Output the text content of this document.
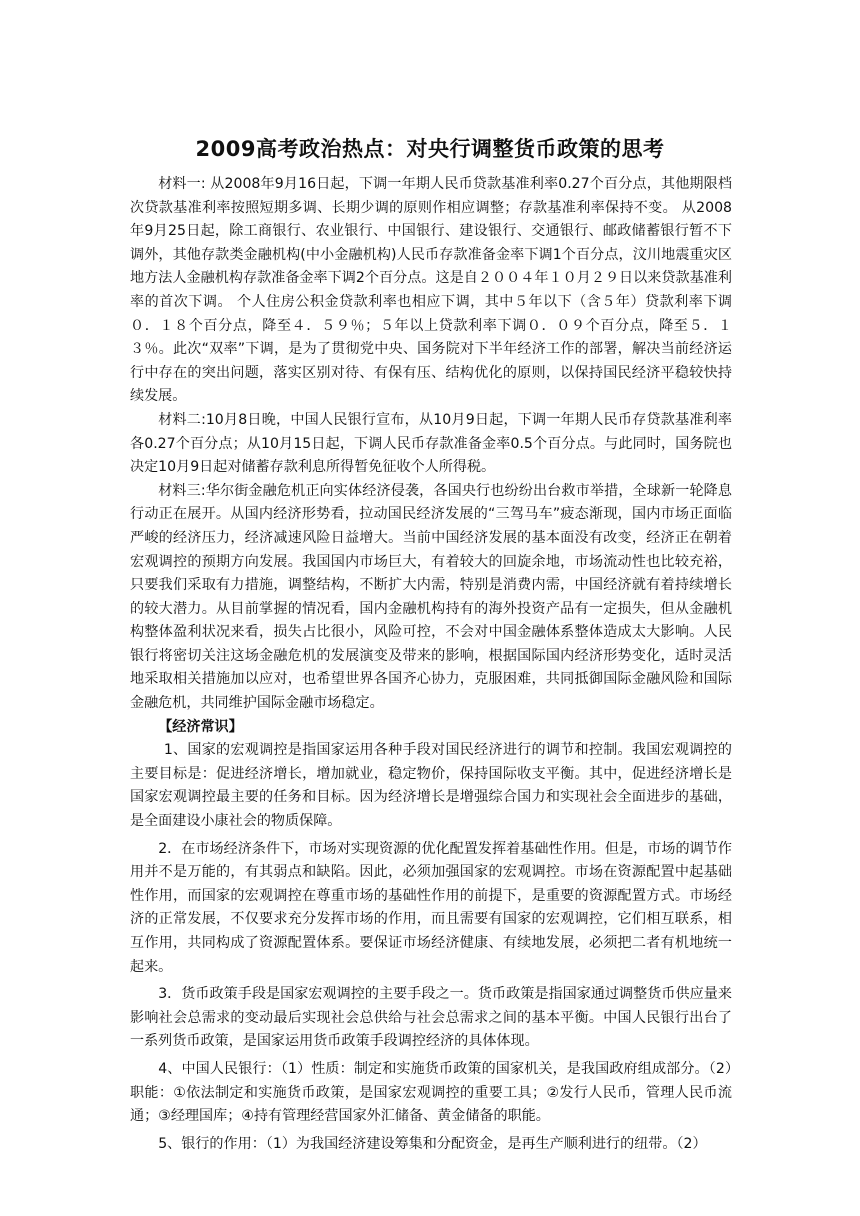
2009高考政治热点：对央行调整货币政策的思考

材料一: 从2008年9月16日起，下调一年期人民币贷款基准利率0.27个百分点，其他期限档次贷款基准利率按照短期多调、长期少调的原则作相应调整；存款基准利率保持不变。 从2008年9月25日起，除工商银行、农业银行、中国银行、建设银行、交通银行、邮政储蓄银行暂不下调外，其他存款类金融机构(中小金融机构)人民币存款准备金率下调1个百分点，汶川地震重灾区地方法人金融机构存款准备金率下调2个百分点。这是自２００４年１０月２９日以来贷款基准利率的首次下调。 个人住房公积金贷款利率也相应下调，其中５年以下（含５年）贷款利率下调０．１８个百分点，降至４．５９％；５年以上贷款利率下调０．０９个百分点，降至５．１３％。此次“双率”下调，是为了贯彻党中央、国务院对下半年经济工作的部署，解决当前经济运行中存在的突出问题，落实区别对待、有保有压、结构优化的原则，以保持国民经济平稳较快持续发展。

材料二:10月8日晚，中国人民银行宣布，从10月9日起，下调一年期人民币存贷款基准利率各0.27个百分点；从10月15日起，下调人民币存款准备金率0.5个百分点。与此同时，国务院也决定10月9日起对储蓄存款利息所得暂免征收个人所得税。

材料三:华尔街金融危机正向实体经济侵袭，各国央行也纷纷出台救市举措，全球新一轮降息行动正在展开。从国内经济形势看，拉动国民经济发展的“三驾马车”疲态渐现，国内市场正面临严峻的经济压力，经济减速风险日益增大。当前中国经济发展的基本面没有改变，经济正在朝着宏观调控的预期方向发展。我国国内市场巨大，有着较大的回旋余地，市场流动性也比较充裕，只要我们采取有力措施，调整结构，不断扩大内需，特别是消费内需，中国经济就有着持续增长的较大潜力。从目前掌握的情况看，国内金融机构持有的海外投资产品有一定损失，但从金融机构整体盈利状况来看，损失占比很小，风险可控，不会对中国金融体系整体造成太大影响。人民银行将密切关注这场金融危机的发展演变及带来的影响，根据国际国内经济形势变化，适时灵活地采取相关措施加以应对，也希望世界各国齐心协力，克服困难，共同抵御国际金融风险和国际金融危机，共同维护国际金融市场稳定。

【经济常识】

1、国家的宏观调控是指国家运用各种手段对国民经济进行的调节和控制。我国宏观调控的主要目标是：促进经济增长，增加就业，稳定物价，保持国际收支平衡。其中，促进经济增长是国家宏观调控最主要的任务和目标。因为经济增长是增强综合国力和实现社会全面进步的基础，是全面建设小康社会的物质保障。

2．在市场经济条件下，市场对实现资源的优化配置发挥着基础性作用。但是，市场的调节作用并不是万能的，有其弱点和缺陷。因此，必须加强国家的宏观调控。市场在资源配置中起基础性作用，而国家的宏观调控在尊重市场的基础性作用的前提下，是重要的资源配置方式。市场经济的正常发展，不仅要求充分发挥市场的作用，而且需要有国家的宏观调控，它们相互联系，相互作用，共同构成了资源配置体系。要保证市场经济健康、有续地发展，必须把二者有机地统一起来。

3．货币政策手段是国家宏观调控的主要手段之一。货币政策是指国家通过调整货币供应量来影响社会总需求的变动最后实现社会总供给与社会总需求之间的基本平衡。中国人民银行出台了一系列货币政策，是国家运用货币政策手段调控经济的具体体现。

4、中国人民银行：（1）性质：制定和实施货币政策的国家机关，是我国政府组成部分。（2）职能：①依法制定和实施货币政策，是国家宏观调控的重要工具；②发行人民币，管理人民币流通；③经理国库；④持有管理经营国家外汇储备、黄金储备的职能。

5、银行的作用：（1）为我国经济建设筹集和分配资金，是再生产顺利进行的纽带。（2）
